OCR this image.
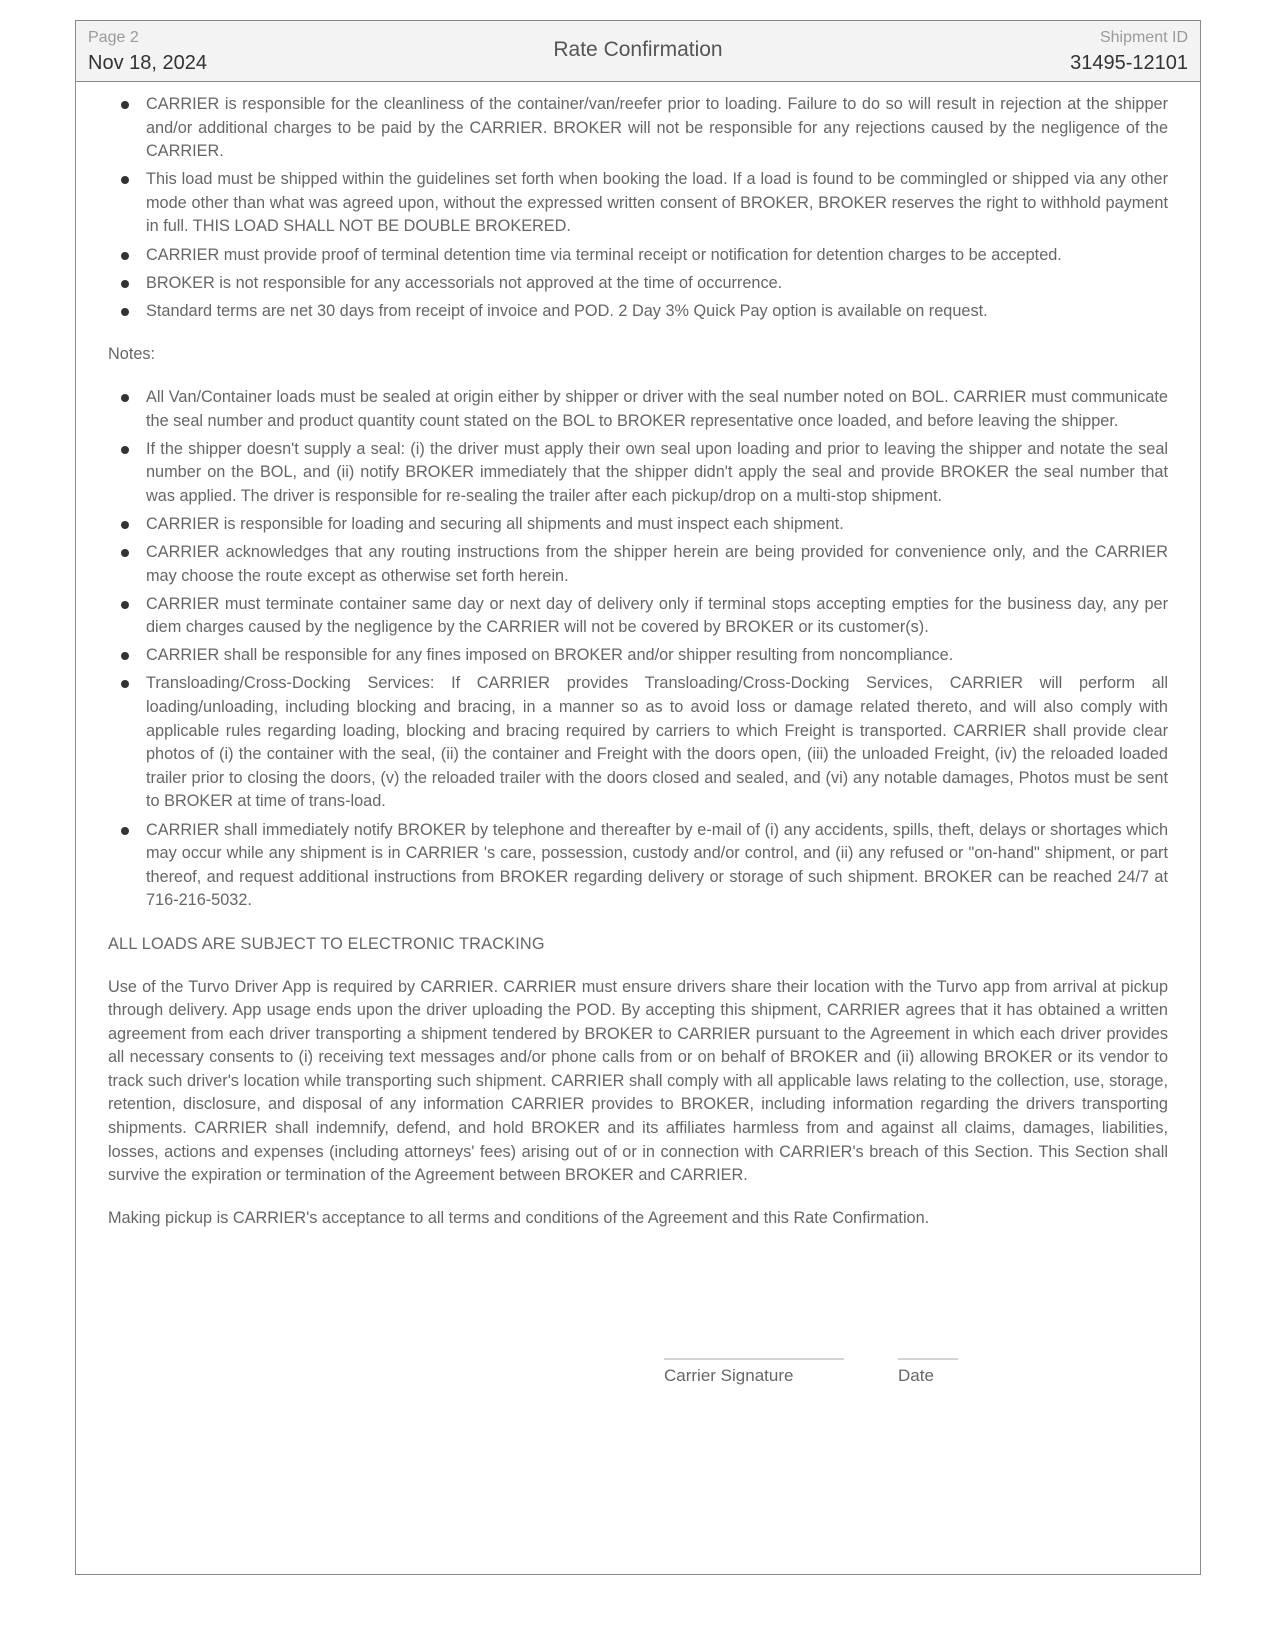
Page 2
Nov 18, 2024
Rate Confirmation
Shipment ID
31495-12101
CARRIER is responsible for the cleanliness of the container/van/reefer prior to loading. Failure to do so will result in rejection at the shipper and/or additional charges to be paid by the CARRIER. BROKER will not be responsible for any rejections caused by the negligence of the CARRIER.
This load must be shipped within the guidelines set forth when booking the load. If a load is found to be commingled or shipped via any other mode other than what was agreed upon, without the expressed written consent of BROKER, BROKER reserves the right to withhold payment in full. THIS LOAD SHALL NOT BE DOUBLE BROKERED.
CARRIER must provide proof of terminal detention time via terminal receipt or notification for detention charges to be accepted.
BROKER is not responsible for any accessorials not approved at the time of occurrence.
Standard terms are net 30 days from receipt of invoice and POD. 2 Day 3% Quick Pay option is available on request.

Notes:

All Van/Container loads must be sealed at origin either by shipper or driver with the seal number noted on BOL. CARRIER must communicate the seal number and product quantity count stated on the BOL to BROKER representative once loaded, and before leaving the shipper.
If the shipper doesn't supply a seal: (i) the driver must apply their own seal upon loading and prior to leaving the shipper and notate the seal number on the BOL, and (ii) notify BROKER immediately that the shipper didn't apply the seal and provide BROKER the seal number that was applied. The driver is responsible for re-sealing the trailer after each pickup/drop on a multi-stop shipment.
CARRIER is responsible for loading and securing all shipments and must inspect each shipment.
CARRIER acknowledges that any routing instructions from the shipper herein are being provided for convenience only, and the CARRIER may choose the route except as otherwise set forth herein.
CARRIER must terminate container same day or next day of delivery only if terminal stops accepting empties for the business day, any per diem charges caused by the negligence by the CARRIER will not be covered by BROKER or its customer(s).
CARRIER shall be responsible for any fines imposed on BROKER and/or shipper resulting from noncompliance.
Transloading/Cross-Docking Services: If CARRIER provides Transloading/Cross-Docking Services, CARRIER will perform all loading/unloading, including blocking and bracing, in a manner so as to avoid loss or damage related thereto, and will also comply with applicable rules regarding loading, blocking and bracing required by carriers to which Freight is transported. CARRIER shall provide clear photos of (i) the container with the seal, (ii) the container and Freight with the doors open, (iii) the unloaded Freight, (iv) the reloaded loaded trailer prior to closing the doors, (v) the reloaded trailer with the doors closed and sealed, and (vi) any notable damages, Photos must be sent to BROKER at time of trans-load.
CARRIER shall immediately notify BROKER by telephone and thereafter by e-mail of (i) any accidents, spills, theft, delays or shortages which may occur while any shipment is in CARRIER 's care, possession, custody and/or control, and (ii) any refused or "on-hand" shipment, or part thereof, and request additional instructions from BROKER regarding delivery or storage of such shipment. BROKER can be reached 24/7 at 716-216-5032.

ALL LOADS ARE SUBJECT TO ELECTRONIC TRACKING

Use of the Turvo Driver App is required by CARRIER. CARRIER must ensure drivers share their location with the Turvo app from arrival at pickup through delivery. App usage ends upon the driver uploading the POD. By accepting this shipment, CARRIER agrees that it has obtained a written agreement from each driver transporting a shipment tendered by BROKER to CARRIER pursuant to the Agreement in which each driver provides all necessary consents to (i) receiving text messages and/or phone calls from or on behalf of BROKER and (ii) allowing BROKER or its vendor to track such driver's location while transporting such shipment. CARRIER shall comply with all applicable laws relating to the collection, use, storage, retention, disclosure, and disposal of any information CARRIER provides to BROKER, including information regarding the drivers transporting shipments. CARRIER shall indemnify, defend, and hold BROKER and its affiliates harmless from and against all claims, damages, liabilities, losses, actions and expenses (including attorneys' fees) arising out of or in connection with CARRIER's breach of this Section. This Section shall survive the expiration or termination of the Agreement between BROKER and CARRIER.

Making pickup is CARRIER's acceptance to all terms and conditions of the Agreement and this Rate Confirmation.

Carrier Signature	Date
